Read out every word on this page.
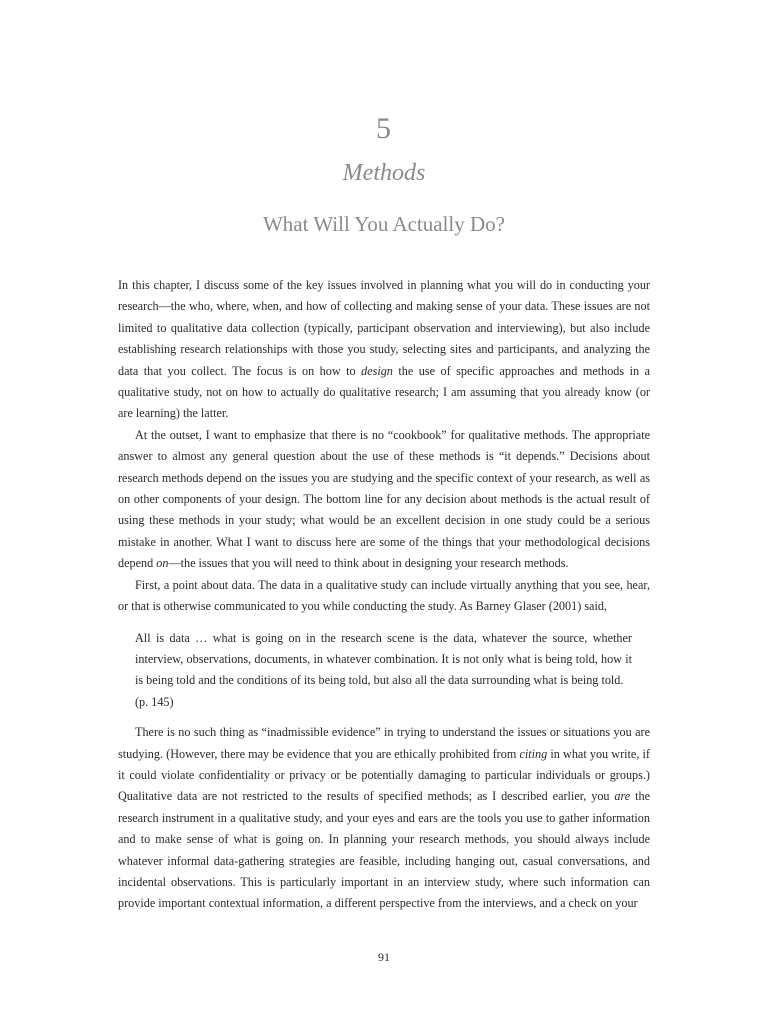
5
Methods
What Will You Actually Do?

In this chapter, I discuss some of the key issues involved in planning what you will do in conducting your research—the who, where, when, and how of collecting and making sense of your data. These issues are not limited to qualitative data collection (typically, participant observation and interviewing), but also include establishing research relationships with those you study, selecting sites and participants, and analyzing the data that you collect. The focus is on how to design the use of specific approaches and methods in a qualitative study, not on how to actually do qualitative research; I am assuming that you already know (or are learning) the latter.

At the outset, I want to emphasize that there is no “cookbook” for qualitative methods. The appropriate answer to almost any general question about the use of these methods is “it depends.” Decisions about research methods depend on the issues you are studying and the specific context of your research, as well as on other components of your design. The bottom line for any decision about methods is the actual result of using these methods in your study; what would be an excellent decision in one study could be a serious mistake in another. What I want to discuss here are some of the things that your methodological decisions depend on—the issues that you will need to think about in designing your research methods.

First, a point about data. The data in a qualitative study can include virtually anything that you see, hear, or that is otherwise communicated to you while conducting the study. As Barney Glaser (2001) said,

All is data … what is going on in the research scene is the data, whatever the source, whether interview, observations, documents, in whatever combination. It is not only what is being told, how it is being told and the conditions of its being told, but also all the data surrounding what is being told.
(p. 145)

There is no such thing as “inadmissible evidence” in trying to understand the issues or situations you are studying. (However, there may be evidence that you are ethically prohibited from citing in what you write, if it could violate confidentiality or privacy or be potentially damaging to particular individuals or groups.) Qualitative data are not restricted to the results of specified methods; as I described earlier, you are the research instrument in a qualitative study, and your eyes and ears are the tools you use to gather information and to make sense of what is going on. In planning your research methods, you should always include whatever informal data-gathering strategies are feasible, including hanging out, casual conversations, and incidental observations. This is particularly important in an interview study, where such information can provide important contextual information, a different perspective from the interviews, and a check on your

91
